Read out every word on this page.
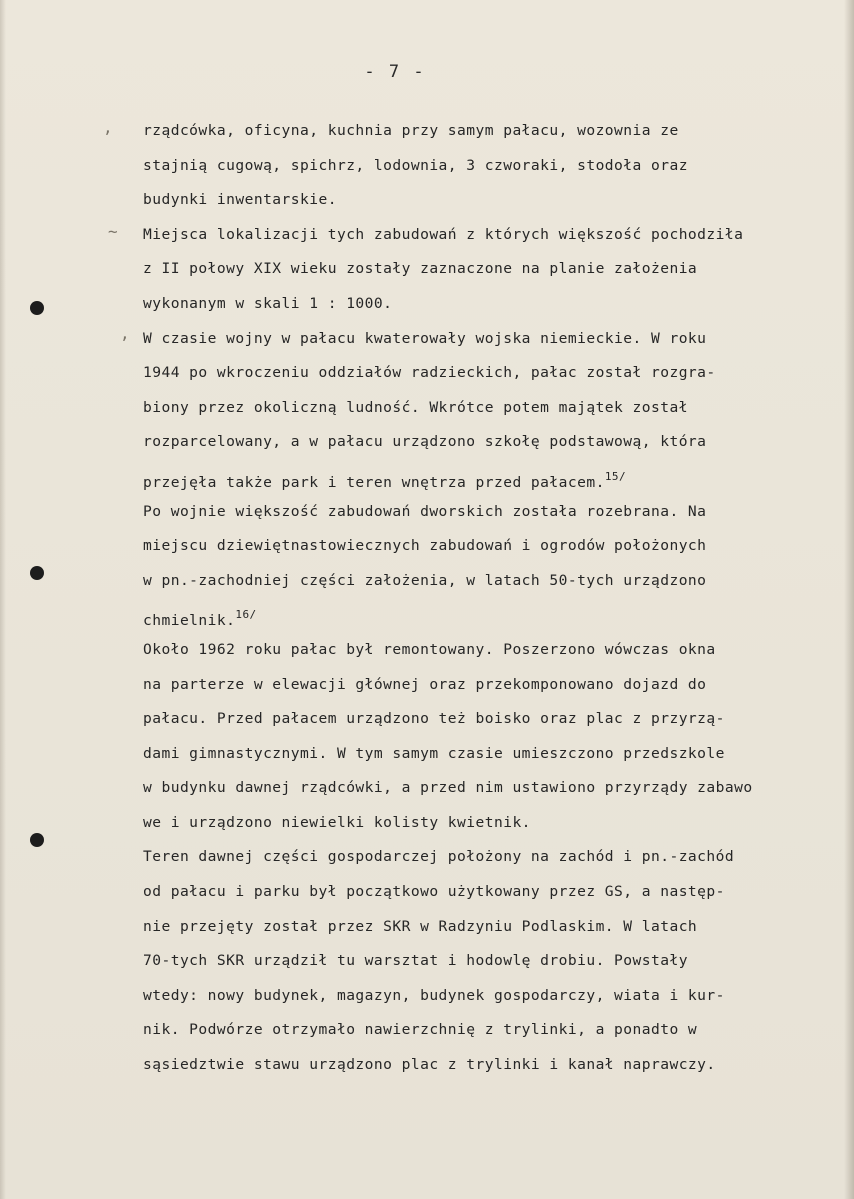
,
~
,
- 7 -
rządcówka, oficyna, kuchnia przy samym pałacu, wozownia ze
stajnią cugową, spichrz, lodownia, 3 czworaki, stodoła oraz
budynki inwentarskie.
Miejsca lokalizacji tych zabudowań z których większość pochodziła
z II połowy XIX wieku zostały zaznaczone na planie założenia
wykonanym w skali 1 : 1000.
W czasie wojny w pałacu kwaterowały wojska niemieckie. W roku
1944 po wkroczeniu oddziałów radzieckich, pałac został rozgra-
biony przez okoliczną ludność. Wkrótce potem majątek został
rozparcelowany, a w pałacu urządzono szkołę podstawową, która
przejęła także park i teren wnętrza przed pałacem.$^{15/}$
Po wojnie większość zabudowań dworskich została rozebrana. Na
miejscu dziewiętnastowiecznych zabudowań i ogrodów położonych
w pn.-zachodniej części założenia, w latach 50-tych urządzono
chmielnik.$^{16/}$
Około 1962 roku pałac był remontowany. Poszerzono wówczas okna
na parterze w elewacji głównej oraz przekomponowano dojazd do
pałacu. Przed pałacem urządzono też boisko oraz plac z przyrzą-
dami gimnastycznymi. W tym samym czasie umieszczono przedszkole
w budynku dawnej rządcówki, a przed nim ustawiono przyrządy zabawo
we i urządzono niewielki kolisty kwietnik.
Teren dawnej części gospodarczej położony na zachód i pn.-zachód
od pałacu i parku był początkowo użytkowany przez GS, a następ-
nie przejęty został przez SKR w Radzyniu Podlaskim. W latach
70-tych SKR urządził tu warsztat i hodowlę drobiu. Powstały
wtedy: nowy budynek, magazyn, budynek gospodarczy, wiata i kur-
nik. Podwórze otrzymało nawierzchnię z trylinki, a ponadto w
sąsiedztwie stawu urządzono plac z trylinki i kanał naprawczy.
